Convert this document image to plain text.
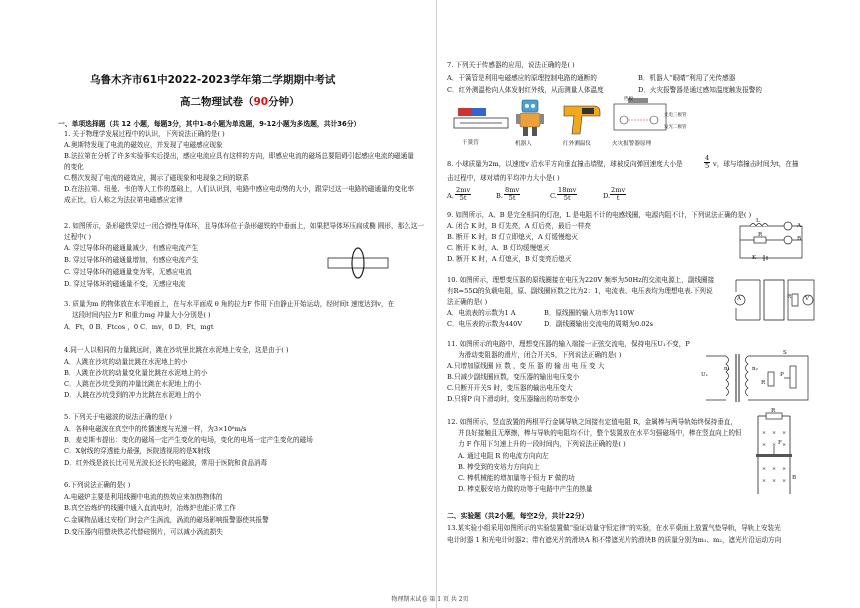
乌鲁木齐市61中2022-2023学年第二学期期中考试
高二物理试卷（90分钟）
一、单项选择题（共 12 小题，每题3分，其中1-8小题为单选题，9-12小题为多选题，共计36分）
1. 关于物理学发展过程中的认识，下列说法正确的是( )
A.奥斯特发现了电流的磁效应，并发现了电磁感应现象
B.法拉第在分析了许多实验事实后提出，感应电流应具有这样的方向，即感应电流的磁场总要阻碍引起感应电流的磁通量
的变化
C.楞次发现了电流的磁效应，揭示了磁现象和电现象之间的联系
D.在法拉第、纽曼、韦伯等人工作的基础上，人们认识到，电路中感应电动势的大小，跟穿过这一电路的磁通量的变化率
成正比，后人称之为法拉第电磁感应定律
2. 如图所示，条形磁铁穿过一闭合弹性导体环，且导体环位于条形磁铁的中垂面上，如果把导体环压扁成椭 圆形，那么这一
过程中( )
A. 穿过导体环的磁通量减少，有感应电流产生
B. 穿过导体环的磁通量增加，有感应电流产生
C. 穿过导体环的磁通量变为零，无感应电流
D. 穿过导体环的磁通量不变，无感应电流
3. 质量为m 的物体放在水平地面上，在与水平面成 θ 角的拉力F 作用下由静止开始运动，经时间t 速度达到v，在
这段时间内拉力F 和重力mg 冲量大小分别是( )
A．Ft，0 B．Ftcos ，0 C．mv，0 D．Ft，mgt
4.同一人以相同的力量跳远时，跳在沙坑里比跳在水泥地上安全，这是由于( )
A．人跳在沙坑的动量比跳在水泥地上的小
B．人跳在沙坑的动量变化量比跳在水泥地上的小
C．人跳在沙坑受到的冲量比跳在水泥地上的小
D．人跳在沙坑受到的冲力比跳在水泥地上的小
5. 下列关于电磁波的说法正确的是( )
A．各种电磁波在真空中的传播速度与光速一样，为3×10⁸m/s
B．麦克斯韦提出：变化的磁场一定产生变化的电场，变化的电场一定产生变化的磁场
C．X射线的穿透能力最强，医院透视用的是X射线
D．红外线是波长比可见光波长还长的电磁波，常用于医院和食品消毒
6.下列说法正确的是( )
A.电磁炉主要是利用线圈中电流的热效应来加热物体的
B.真空冶炼炉的线圈中通入直流电时，冶炼炉也能正常工作
C.金属物品通过安检门时会产生涡流，涡流的磁场影响报警器使其报警
D.变压器内用整块铁芯代替硅钢片，可以减小涡流损失
7. 下列关于传感器的应用，说法正确的是( )
A．干簧管是利用电磁感应的原理控制电路的通断的	B．机器人“眼睛”利用了光传感器
C．红外测温枪向人体发射红外线，从而测量人体温度	D．火灾报警器是通过感知温度触发报警的
干簧管	机器人	红外测温仪
挡板
光电三极管
发光二极管
火灾报警器原理
8. 小球质量为2m，以速度v 沿水平方向垂直撞击墙壁，球被反向弹回速度大小是	$\frac{4}{5}$ v，球与墙撞击时间为t，在撞
击过程中，球对墙的平均冲力大小是( )
A. $\frac{2mv}{5t}$	B. $\frac{8mv}{5t}$	C. $\frac{18mv}{5t}$	D. $\frac{2mv}{t}$
9. 如图所示，A、B 是完全相同的灯泡，L 是电阻不计的电感线圈，电源内阻不计，下列说法正确的是( )
A. 闭合 K 时，B 灯先亮，A 灯后亮，最后一样亮
B. 断开 K 时，B 灯立即熄灭，A 灯缓慢熄灭
C. 断开 K 时，A、B 灯均缓慢熄灭
D. 断开 K 时，A 灯熄灭，B 灯变亮后熄灭
L
A
R
B
K
10. 如图所示，理想变压器的原线圈接在电压为220V 频率为50Hz的交流电源上，副线圈接
有R=55Ω的负载电阻，原、副线圈匝数之比为2：1，电流表、电压表均为理想电表.下列说
法正确的是( )
A．电流表的示数为1 A	B．原线圈的输入功率为110W
C．电压表的示数为440V	D．副线圈输出交流电的周期为0.02s
A	V
R
11. 如图所示的电路中，理想变压器的输入端接一正弦交流电，保持电压U₁不变，P
为滑动变阻器的滑片，闭合开关S，下列说法正确的是( )
A.只增加原线圈 匝 数 ，变 压 器 的 输 出 电 压 变 大
B.只减少副线圈匝数，变压器的输出电压变小
C.只断开开关S 时，变压器的输出电压变大
D.只将P 向下滑动时，变压器输出的功率变小
U₁
n₁	n₂
S
R
P
12. 如图所示，竖直放置的两根平行金属导轨之间接有定值电阻 R，金属棒与两导轨始终保持垂直，
并良好接触且无摩擦，棒与导轨的电阻均不计，整个装置放在水平匀强磁场中，棒在竖直向上的恒
力 F 作用下匀速上升的一段时间内，下列说法正确的是( )
A. 通过电阻 R 的电流方向向左
B. 棒受到的安培力方向向上
C. 棒机械能的增加量等于恒力 F 做的功
D. 棒克服安培力做的功等于电路中产生的热量
× × ×
× × ×
× × ×
× × ×
R
F
B
二、实验题（共2小题，每空2分，共计22分）
13.某实验小组采用如图所示的实验装置做“验证动量守恒定律”的实验，在水平桌面上放置气垫导轨，导轨上安装光
电计时器 1 和光电计时器2；带有遮光片的滑块A 和不带遮光片的滑块B 的质量分别为m₁、m₂，遮光片沿运动方向
物理期末试卷 第 1 页 共 2页
